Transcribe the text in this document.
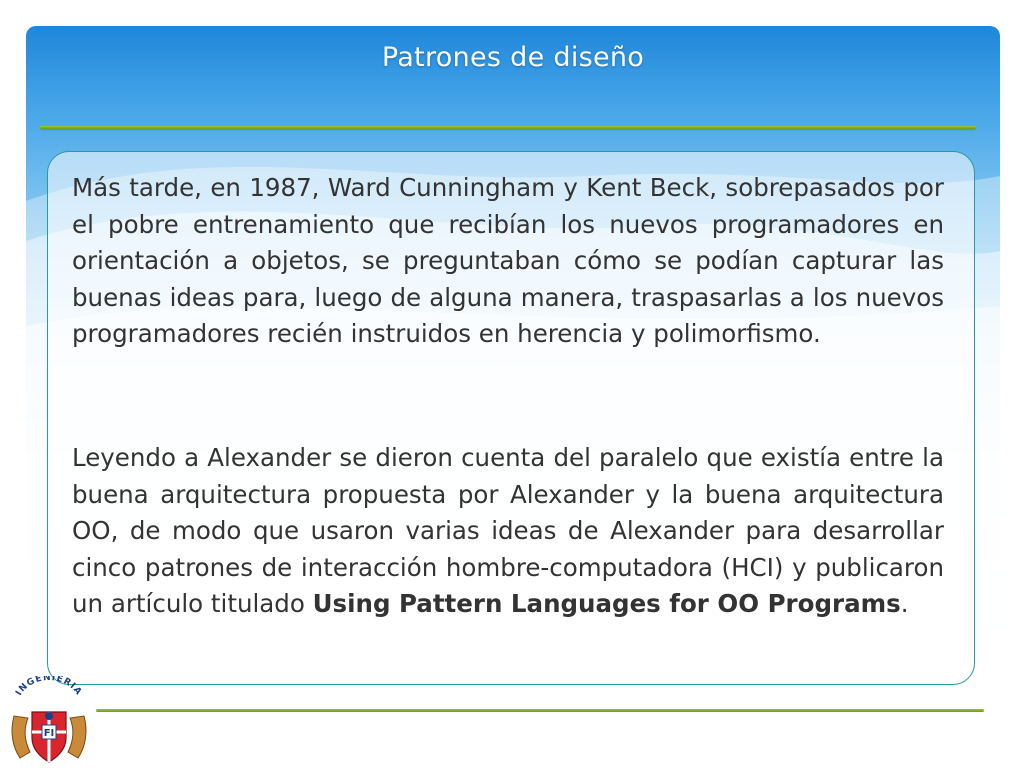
Patrones de diseño

Más tarde, en 1987, Ward Cunningham y Kent Beck, sobrepasados por el pobre entrenamiento que recibían los nuevos programadores en orientación a objetos, se preguntaban cómo se podían capturar las buenas ideas para, luego de alguna manera, traspasarlas a los nuevos programadores recién instruidos en herencia y polimorfismo.

Leyendo a Alexander se dieron cuenta del paralelo que existía entre la buena arquitectura propuesta por Alexander y la buena arquitectura OO, de modo que usaron varias ideas de Alexander para desarrollar cinco patrones de interacción hombre-computadora (HCI) y publicaron un artículo titulado Using Pattern Languages for OO Programs.

INGENIERIA
FI
